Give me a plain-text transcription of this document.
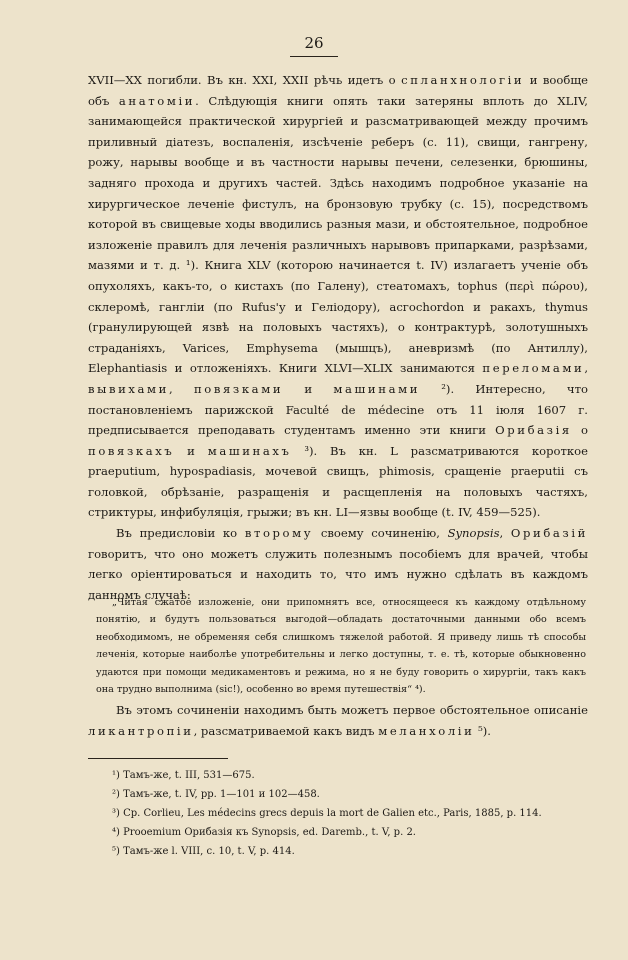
26

XVII—XX погибли. Въ кн. XXI, XXII рѣчь идетъ о спланхнологіи и вообще объ анатоміи. Слѣдующія книги опять таки затеряны вплоть до XLIV, занимающейся практической хирургіей и разсматривающей между прочимъ приливный діатезъ, воспаленія, изсѣченіе реберъ (с. 11), свищи, гангрену, рожу, нарывы вообще и въ частности нарывы печени, селезенки, брюшины, задняго прохода и другихъ частей. Здѣсь находимъ подробное указаніе на хирургическое леченіе фистулъ, на бронзовую трубку (с. 15), посредствомъ которой въ свищевые ходы вводились разныя мази, и обстоятельное, подробное изложеніе правилъ для леченія различныхъ нарывовъ припарками, разрѣзами, мазями и т. д. ¹). Книга XLV (которою начинается t. IV) излагаетъ ученіе объ опухоляхъ, какъ-то, о кистахъ (по Галену), стеатомахъ, tophus (περὶ πώρου), склеромѣ, гангліи (по Rufus'у и Геліодору), асгоchordon и ракахъ, thymus (гранулирующей язвѣ на половыхъ частяхъ), о контрактурѣ, золотушныхъ страданіяхъ, Varices, Emphysema (мышцъ), аневризмѣ (по Антиллу), Elephantiasis и отложеніяхъ. Книги XLVI—XLIX занимаются переломами, вывихами, повязками и машинами ²). Интересно, что постановленіемъ парижской Faculté de médecine отъ 11 іюля 1607 г. предписывается преподавать студентамъ именно эти книги Орибазія о повязкахъ и машинахъ ³). Въ кн. L разсматриваются короткое praeputium, hypospadiasis, мочевой свищъ, phimosis, сращеніе praeputii съ головкой, обрѣзаніе, разращенія и расщепленія на половыхъ частяхъ, стриктуры, инфибуляція, грыжи; въ кн. LI—язвы вообще (t. IV, 459—525).

Въ предисловіи ко второму своему сочиненію, Synopsis, Орибазій говоритъ, что оно можетъ служить полезнымъ пособіемъ для врачей, чтобы легко оріентироваться и находить то, что имъ нужно сдѣлать въ каждомъ данномъ случаѣ:

„Читая сжатое изложеніе, они припомнятъ все, относящееся къ каждому отдѣльному понятію, и будутъ пользоваться выгодой—обладать достаточными данными обо всемъ необходимомъ, не обременяя себя слишкомъ тяжелой работой. Я приведу лишь тѣ способы леченія, которые наиболѣе употребительны и легко доступны, т. е. тѣ, которые обыкновенно удаются при помощи медикаментовъ и режима, но я не буду говорить о хирургіи, такъ какъ она трудно выполнима (sic!), особенно во время путешествія“ ⁴).
Въ этомъ сочиненіи находимъ быть можетъ первое обстоятельное описаніе ликантропіи, разсматриваемой какъ видъ меланхоліи ⁵).

¹) Тамъ-же, t. III, 531—675.

²) Тамъ-же, t. IV, pp. 1—101 и 102—458.

³) Cp. Corlieu, Les médecins grecs depuis la mort de Galien etc., Paris, 1885, p. 114.

⁴) Prooemium Орибазія къ Synopsis, ed. Daremb., t. V, p. 2.

⁵) Тамъ-же l. VIII, с. 10, t. V, p. 414.
